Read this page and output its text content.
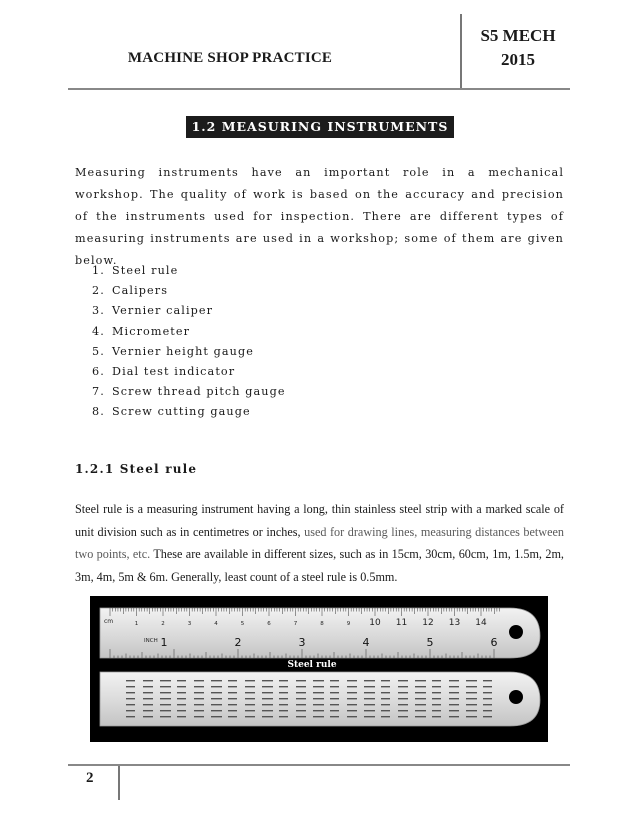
MACHINE SHOP PRACTICE
S5 MECH
2015
1.2 MEASURING INSTRUMENTS

Measuring instruments have an important role in a mechanical workshop. The quality of work is based on the accuracy and precision of the instruments used for inspection. There are different types of measuring instruments are used in a workshop; some of them are given below.

1. Steel rule
2. Calipers
3. Vernier caliper
4. Micrometer
5. Vernier height gauge
6. Dial test indicator
7. Screw thread pitch gauge
8. Screw cutting gauge
1.2.1 Steel rule

Steel rule is a measuring instrument having a long, thin stainless steel strip with a marked scale of unit division such as in centimetres or inches, used for drawing lines, measuring distances between two points, etc. These are available in different sizes, such as in 15cm, 30cm, 60cm, 1m, 1.5m, 2m, 3m, 4m, 5m & 6m. Generally, least count of a steel rule is 0.5mm.

cm
INCH
1	2	3	4	5	6	7	8	9 10 11 12 13 14
1	2	3	4	5	6
Steel rule
2
